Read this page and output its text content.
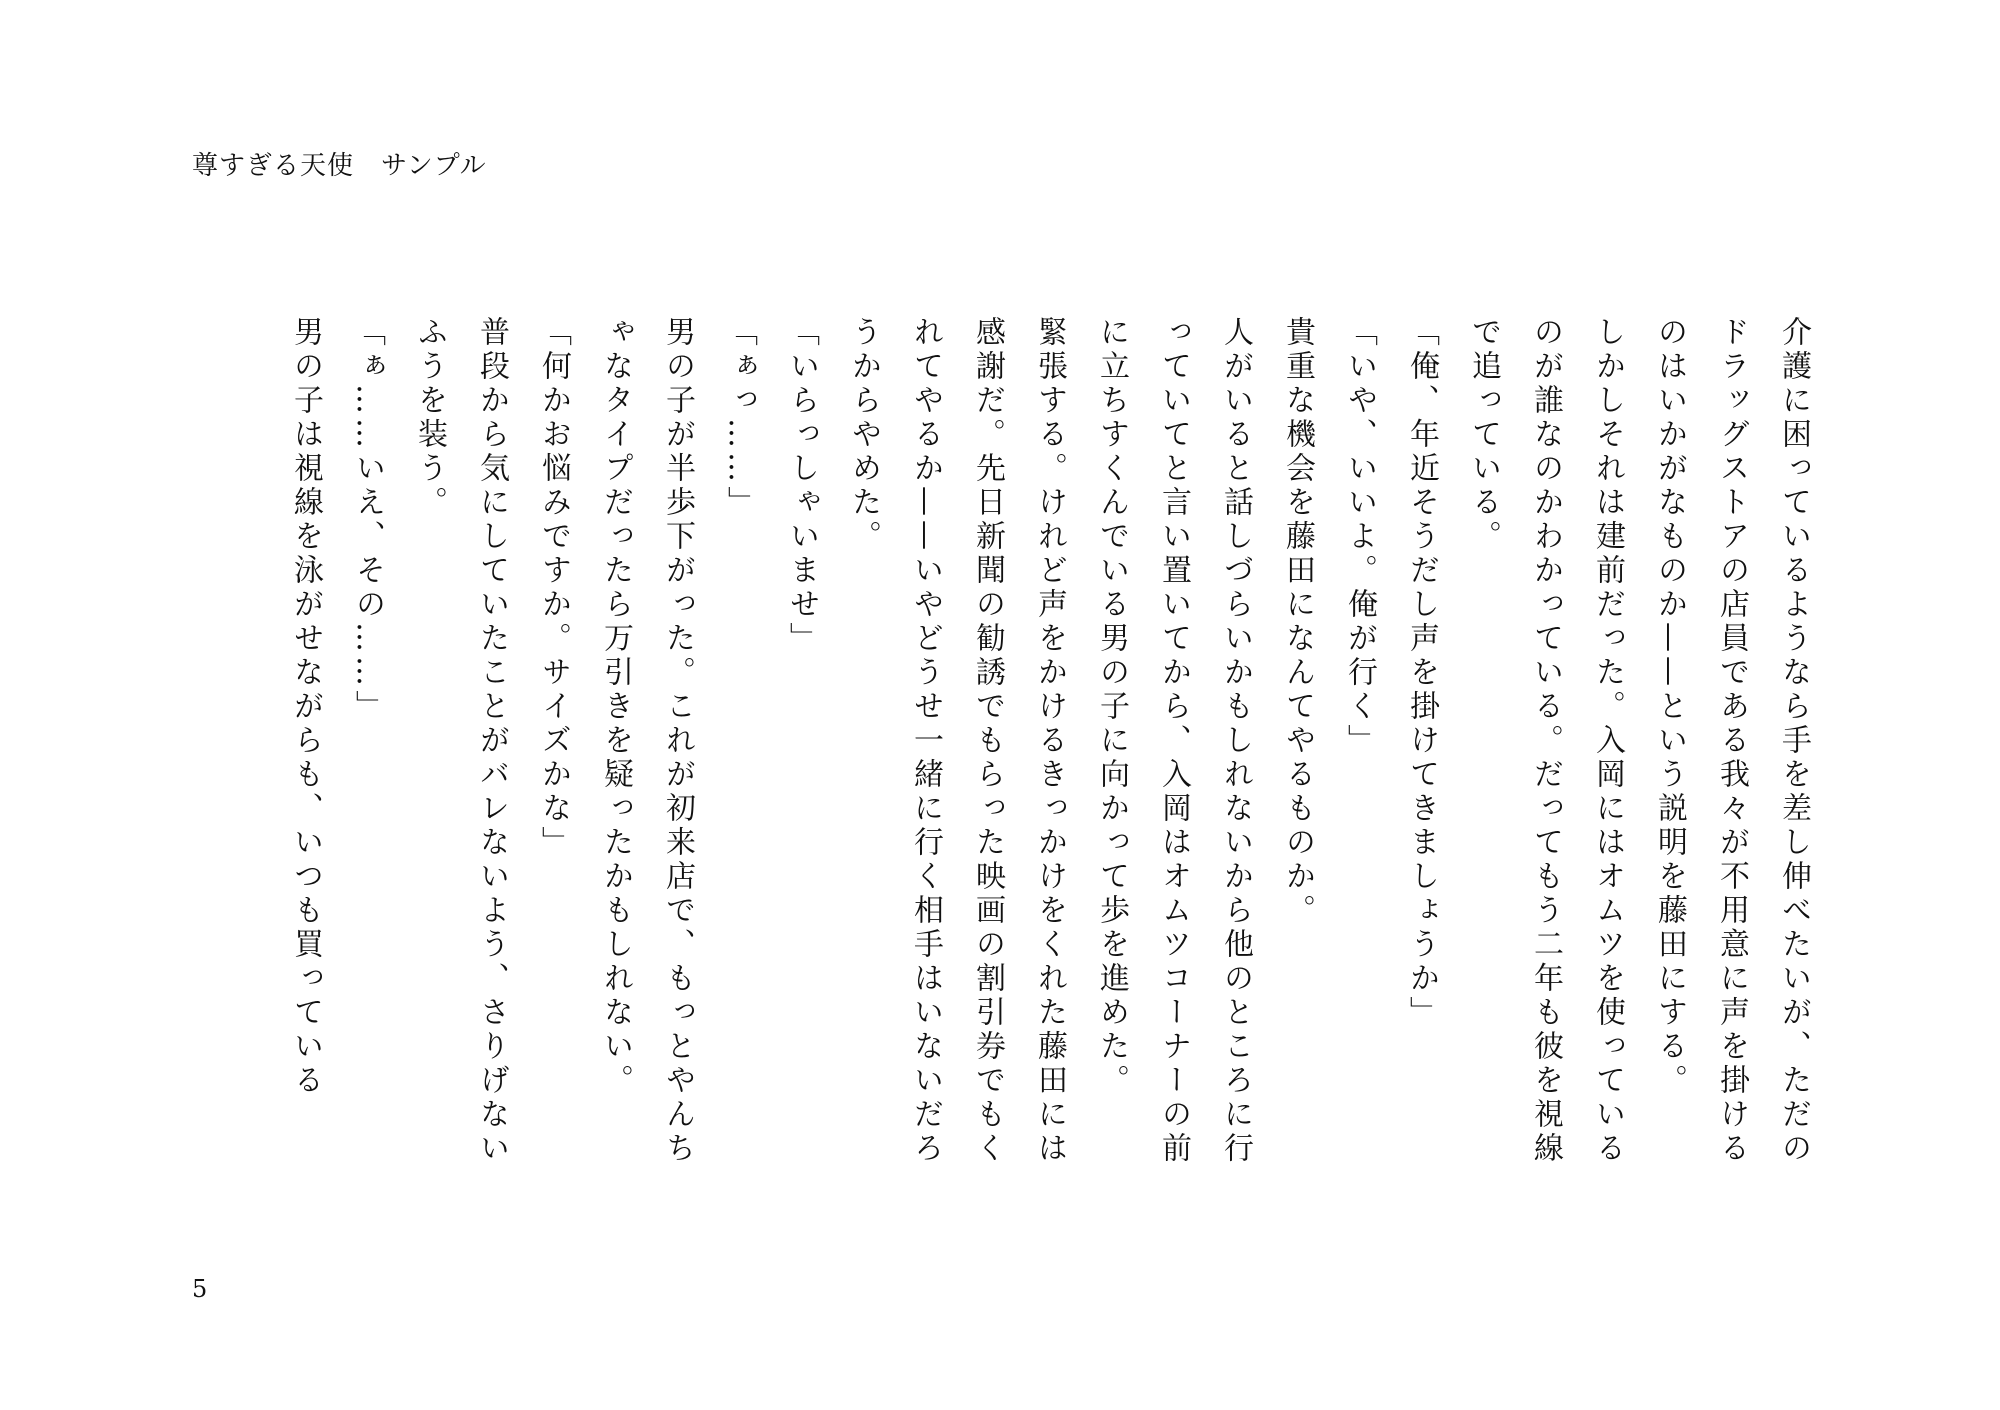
尊すぎる天使　サンプル

介護に困っているようなら手を差し伸べたいが、ただのドラッグストアの店員である我々が不用意に声を掛けるのはいかがなものか——という説明を藤田にする。

しかしそれは建前だった。入岡にはオムツを使っているのが誰なのかわかっている。だってもう二年も彼を視線で追っている。

「俺、年近そうだし声を掛けてきましょうか」

「いや、いいよ。俺が行く」

貴重な機会を藤田になんてやるものか。

人がいると話しづらいかもしれないから他のところに行っていてと言い置いてから、入岡はオムツコーナーの前に立ちすくんでいる男の子に向かって歩を進めた。

緊張する。けれど声をかけるきっかけをくれた藤田には感謝だ。先日新聞の勧誘でもらった映画の割引券でもくれてやるか——いやどうせ一緒に行く相手はいないだろうからやめた。

「いらっしゃいませ」

「ぁっ……」

男の子が半歩下がった。これが初来店で、もっとやんちゃなタイプだったら万引きを疑ったかもしれない。

「何かお悩みですか。サイズかな」

普段から気にしていたことがバレないよう、さりげないふうを装う。

「ぁ……いえ、その……」

男の子は視線を泳がせながらも、いつも買っている

5
